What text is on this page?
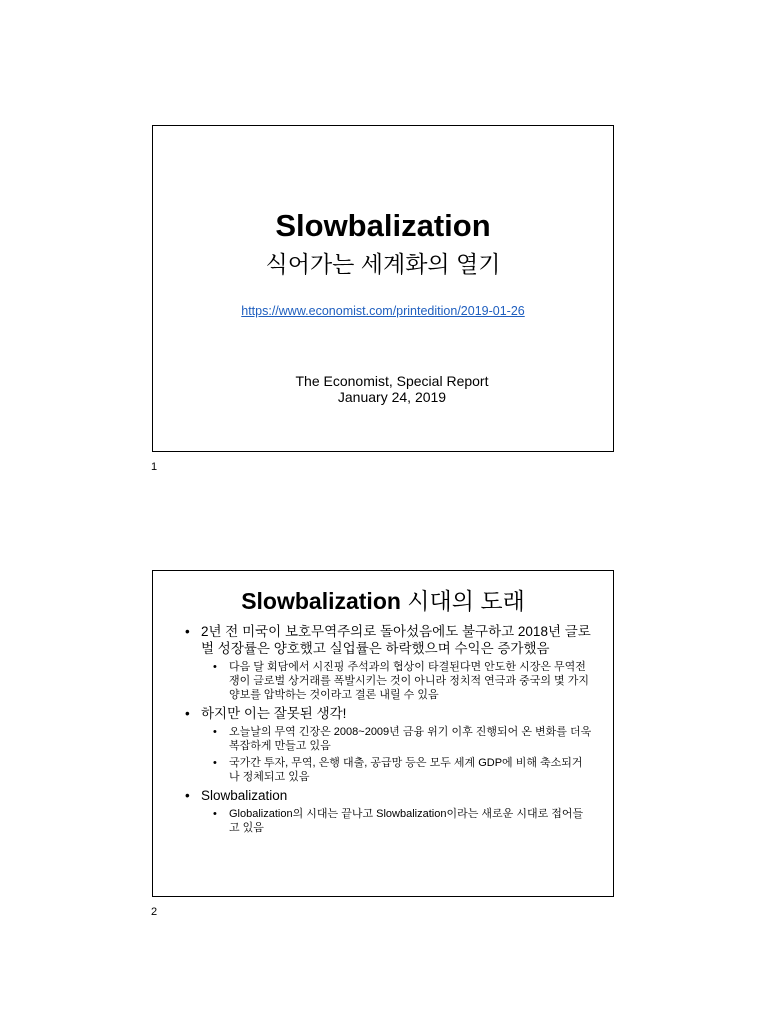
Slowbalization
식어가는 세계화의 열기
https://www.economist.com/printedition/2019-01-26
The Economist, Special Report
January 24, 2019
1
Slowbalization 시대의 도래
• 2년 전 미국이 보호무역주의로 돌아섰음에도 불구하고 2018년 글로벌 성장률은 양호했고 실업률은 하락했으며 수익은 증가했음
• 다음 달 회담에서 시진핑 주석과의 협상이 타결된다면 안도한 시장은 무역전쟁이 글로벌 상거래를 폭발시키는 것이 아니라 정치적 연극과 중국의 몇 가지 양보를 압박하는 것이라고 결론 내릴 수 있음
• 하지만 이는 잘못된 생각!
• 오늘날의 무역 긴장은 2008~2009년 금융 위기 이후 진행되어 온 변화를 더욱 복잡하게 만들고 있음
• 국가간 투자, 무역, 은행 대출, 공급망 등은 모두 세계 GDP에 비해 축소되거나 정체되고 있음
• Slowbalization
• Globalization의 시대는 끝나고 Slowbalization이라는 새로운 시대로 접어들고 있음
2
